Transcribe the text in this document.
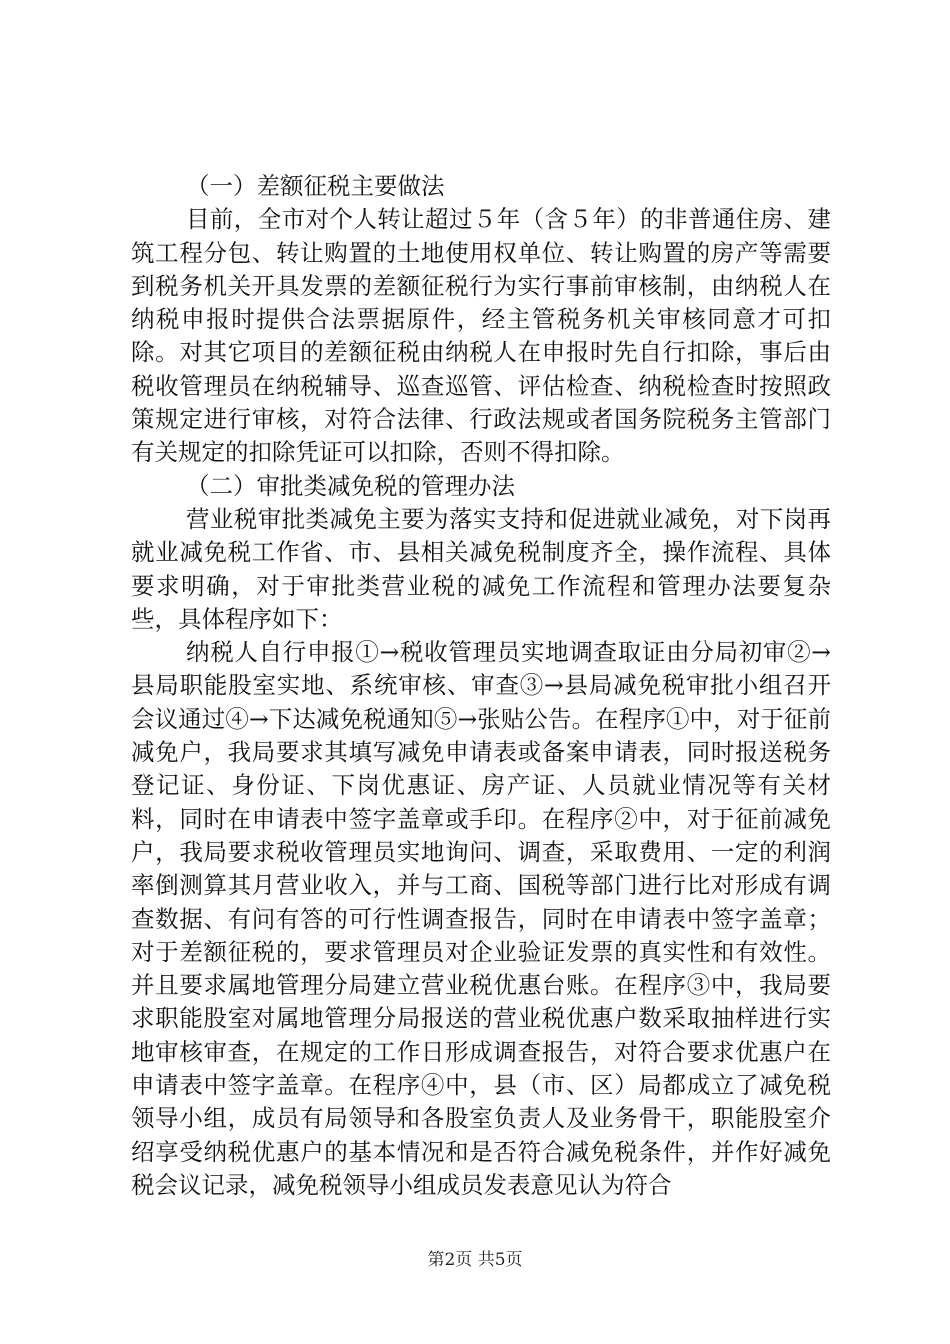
（一）差额征税主要做法

目前，全市对个人转让超过５年（含５年）的非普通住房、建筑工程分包、转让购置的土地使用权单位、转让购置的房产等需要到税务机关开具发票的差额征税行为实行事前审核制，由纳税人在纳税申报时提供合法票据原件，经主管税务机关审核同意才可扣除。对其它项目的差额征税由纳税人在申报时先自行扣除，事后由税收管理员在纳税辅导、巡查巡管、评估检查、纳税检查时按照政策规定进行审核，对符合法律、行政法规或者国务院税务主管部门有关规定的扣除凭证可以扣除，否则不得扣除。

（二）审批类减免税的管理办法

营业税审批类减免主要为落实支持和促进就业减免，对下岗再就业减免税工作省、市、县相关减免税制度齐全，操作流程、具体要求明确，对于审批类营业税的减免工作流程和管理办法要复杂些，具体程序如下：

纳税人自行申报①→税收管理员实地调查取证由分局初审②→县局职能股室实地、系统审核、审查③→县局减免税审批小组召开会议通过④→下达减免税通知⑤→张贴公告。在程序①中，对于征前减免户，我局要求其填写减免申请表或备案申请表，同时报送税务登记证、身份证、下岗优惠证、房产证、人员就业情况等有关材料，同时在申请表中签字盖章或手印。在程序②中，对于征前减免户，我局要求税收管理员实地询问、调查，采取费用、一定的利润率倒测算其月营业收入，并与工商、国税等部门进行比对形成有调查数据、有问有答的可行性调查报告，同时在申请表中签字盖章；对于差额征税的，要求管理员对企业验证发票的真实性和有效性。并且要求属地管理分局建立营业税优惠台账。在程序③中，我局要求职能股室对属地管理分局报送的营业税优惠户数采取抽样进行实地审核审查，在规定的工作日形成调查报告，对符合要求优惠户在申请表中签字盖章。在程序④中，县（市、区）局都成立了减免税领导小组，成员有局领导和各股室负责人及业务骨干，职能股室介绍享受纳税优惠户的基本情况和是否符合减免税条件，并作好减免税会议记录，减免税领导小组成员发表意见认为符合

第2页 共5页
